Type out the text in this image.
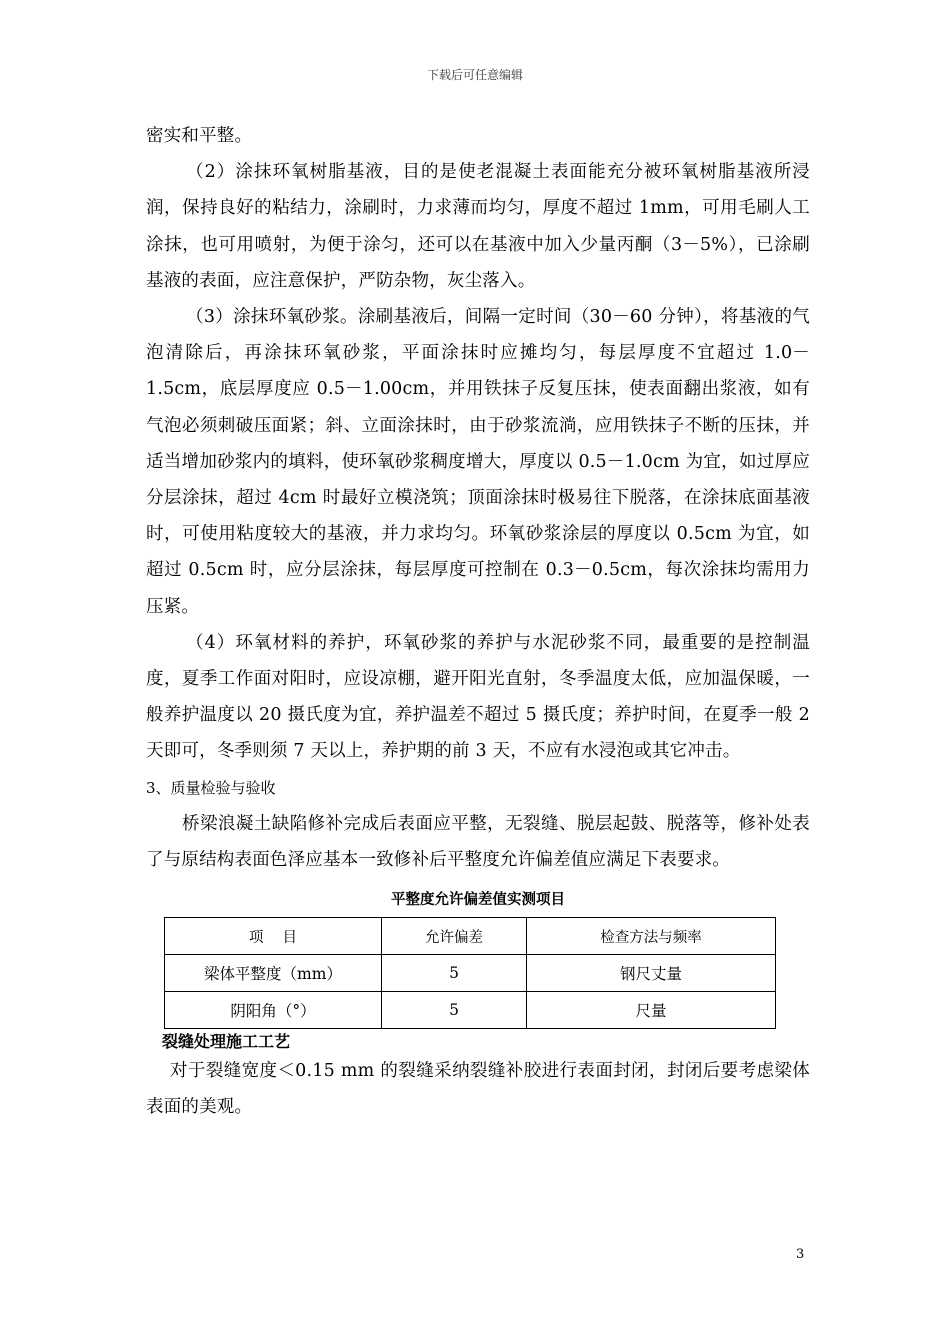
下载后可任意编辑

密实和平整。

（2）涂抹环氧树脂基液，目的是使老混凝土表面能充分被环氧树脂基液所浸润，保持良好的粘结力，涂刷时，力求薄而均匀，厚度不超过 1mm，可用毛刷人工涂抹，也可用喷射，为便于涂匀，还可以在基液中加入少量丙酮（3－5%），已涂刷基液的表面，应注意保护，严防杂物，灰尘落入。

（3）涂抹环氧砂浆。涂刷基液后，间隔一定时间（30－60 分钟），将基液的气泡清除后，再涂抹环氧砂浆，平面涂抹时应摊均匀，每层厚度不宜超过 1.0－1.5cm，底层厚度应 0.5－1.00cm，并用铁抹子反复压抹，使表面翻出浆液，如有气泡必须刺破压面紧；斜、立面涂抹时，由于砂浆流淌，应用铁抹子不断的压抹，并适当增加砂浆内的填料，使环氧砂浆稠度增大，厚度以 0.5－1.0cm 为宜，如过厚应分层涂抹，超过 4cm 时最好立模浇筑；顶面涂抹时极易往下脱落，在涂抹底面基液时，可使用粘度较大的基液，并力求均匀。环氧砂浆涂层的厚度以 0.5cm 为宜，如超过 0.5cm 时，应分层涂抹，每层厚度可控制在 0.3－0.5cm，每次涂抹均需用力压紧。

（4）环氧材料的养护，环氧砂浆的养护与水泥砂浆不同，最重要的是控制温度，夏季工作面对阳时，应设凉棚，避开阳光直射，冬季温度太低，应加温保暖，一般养护温度以 20 摄氏度为宜，养护温差不超过 5 摄氏度；养护时间，在夏季一般 2 天即可，冬季则须 7 天以上，养护期的前 3 天，不应有水浸泡或其它冲击。

3、质量检验与验收

桥梁浪凝土缺陷修补完成后表面应平整，无裂缝、脱层起鼓、脱落等，修补处表了与原结构表面色泽应基本一致修补后平整度允许偏差值应满足下表要求。

平整度允许偏差值实测项目
项　 目	允许偏差	检查方法与频率
梁体平整度（mm）	5	钢尺丈量
阴阳角（°）	5	尺量
裂缝处理施工工艺

对于裂缝宽度＜0.15 mm 的裂缝采纳裂缝补胶进行表面封闭，封闭后要考虑梁体表面的美观。

3
